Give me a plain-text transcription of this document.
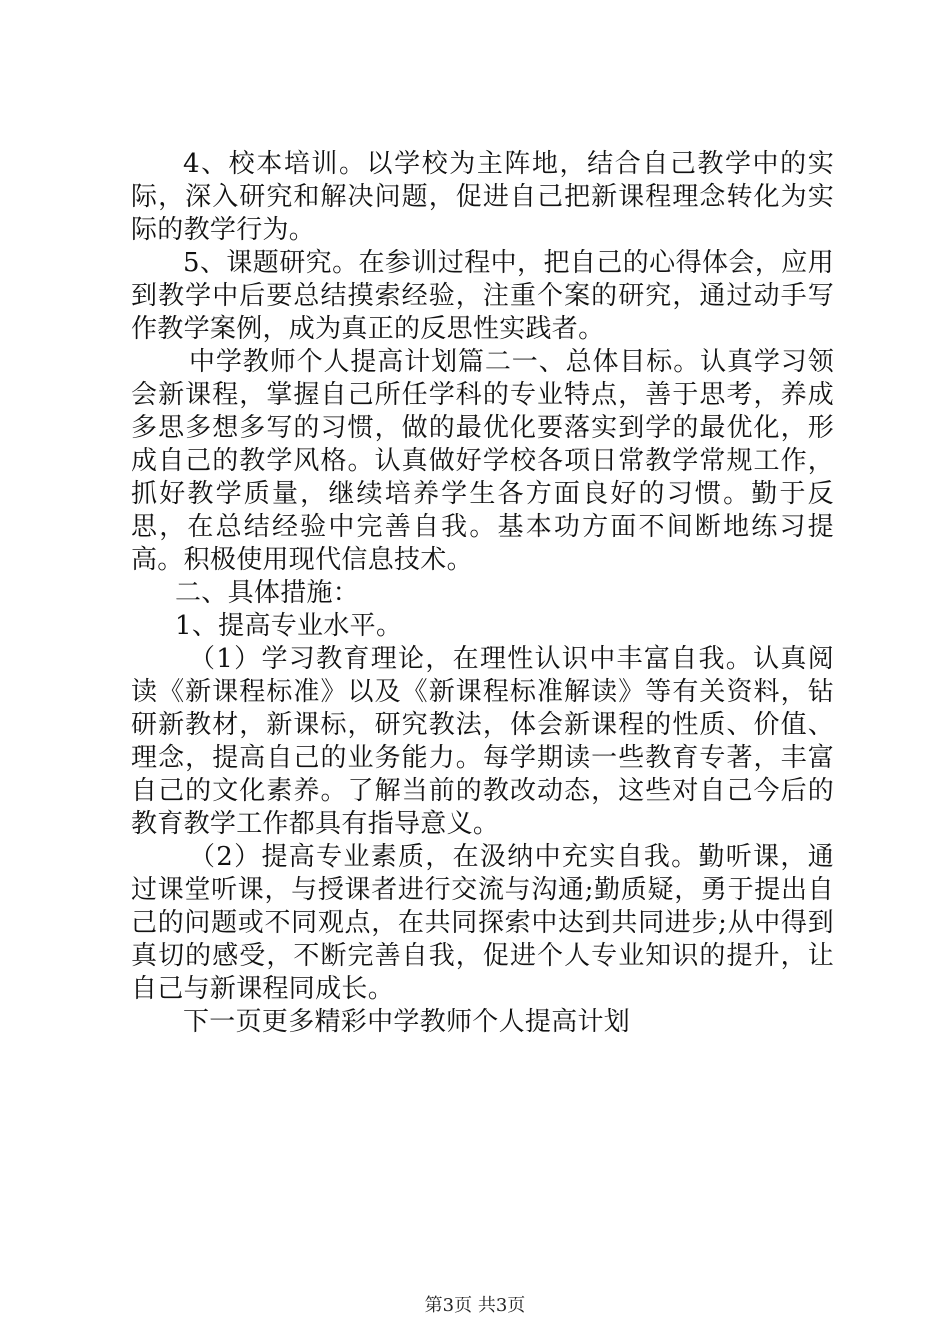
4、校本培训。以学校为主阵地，结合自己教学中的实际，深入研究和解决问题，促进自己把新课程理念转化为实际的教学行为。

5、课题研究。在参训过程中，把自己的心得体会，应用到教学中后要总结摸索经验，注重个案的研究，通过动手写作教学案例，成为真正的反思性实践者。

中学教师个人提高计划篇二一、总体目标。认真学习领会新课程，掌握自己所任学科的专业特点，善于思考，养成多思多想多写的习惯，做的最优化要落实到学的最优化，形成自己的教学风格。认真做好学校各项日常教学常规工作，抓好教学质量，继续培养学生各方面良好的习惯。勤于反思，在总结经验中完善自我。基本功方面不间断地练习提高。积极使用现代信息技术。

二、具体措施：

1、提高专业水平。

（1）学习教育理论，在理性认识中丰富自我。认真阅读《新课程标准》以及《新课程标准解读》等有关资料，钻研新教材，新课标，研究教法，体会新课程的性质、价值、理念，提高自己的业务能力。每学期读一些教育专著，丰富自己的文化素养。了解当前的教改动态，这些对自己今后的教育教学工作都具有指导意义。

（2）提高专业素质，在汲纳中充实自我。勤听课，通过课堂听课，与授课者进行交流与沟通;勤质疑，勇于提出自己的问题或不同观点，在共同探索中达到共同进步;从中得到真切的感受，不断完善自我，促进个人专业知识的提升，让自己与新课程同成长。

下一页更多精彩中学教师个人提高计划

第3页 共3页
